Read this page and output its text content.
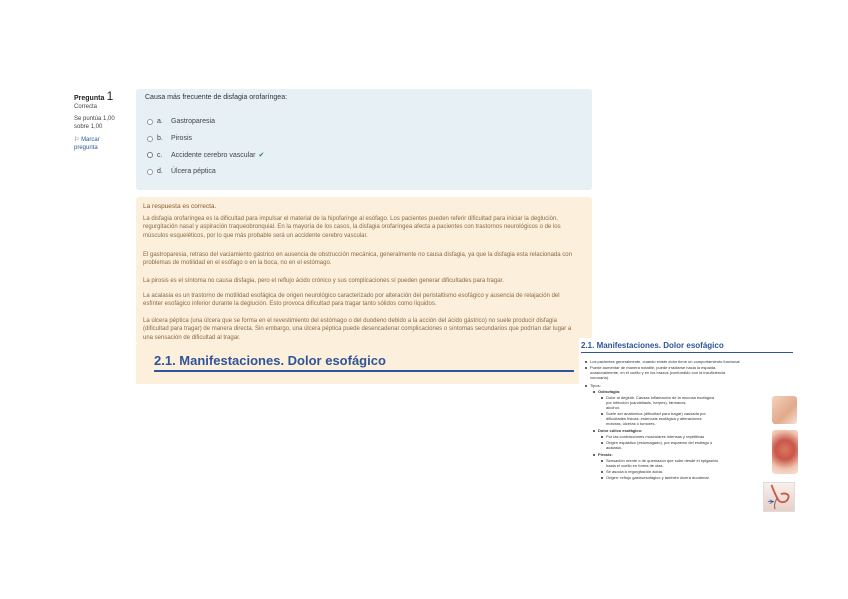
Pregunta 1
Correcta
Se puntúa 1,00
sobre 1,00
⚐ Marcar
pregunta
Causa más frecuente de disfagia orofaríngea:
a.	Gastroparesia
b.	Pirosis
c.	Accidente cerebro vascular ✔
d.	Úlcera péptica
La respuesta es correcta.

La disfagia orofaríngea es la dificultad para impulsar el material de la hipofaringe al esófago. Los pacientes pueden referir dificultad para iniciar la deglución, regurgitación nasal y aspiración traqueobronquial. En la mayoría de los casos, la disfagia orofaríngea afecta a pacientes con trastornos neurológicos o de los músculos esqueléticos, por lo que más probable será un accidente cerebro vascular.

El gastroparesia, retraso del vaciamiento gástrico en ausencia de obstrucción mecánica, generalmente no causa disfagia, ya que la disfagia esta relacionada con problemas de motilidad en el esófago o en la boca, no en el estómago.

La pirosis es el síntoma no causa disfagia, pero el reflujo ácido crónico y sus complicaciones sí pueden generar dificultades para tragar.

La acalasia es un trastorno de motilidad esofágica de origen neurológico caracterizado por alteración del peristaltismo esofágico y ausencia de relajación del esfínter esofágico inferior durante la deglución. Esto provoca dificultad para tragar tanto sólidos como líquidos.

La úlcera péptica (una úlcera que se forma en el revestimiento del estómago o del duodeno debido a la acción del ácido gástrico) no suele producir disfagia (dificultad para tragar) de manera directa. Sin embargo, una úlcera péptica puede desencadenar complicaciones o síntomas secundarios que podrían dar lugar a una sensación de dificultad al tragar.

2.1. Manifestaciones. Dolor esofágico
2.1. Manifestaciones. Dolor esofágico
Los pacientes generalmente, cuando existe dolor tiene un comportamiento funcional.
Puede aumentar de manera notable, puede irradiarse hacia la espalda,
ocasionalmente, en el cuello y en los brazos (confundido con la insuficiencia
coronaria).
Tipos:
Odinofagia:
Dolor al deglutir. Causas inflamación de la mucosa esofágica
por infección (candidiasis, herpes), fármacos,
alcohol.
Suele ser anatómica (dificultad para tragar) causada por
dificultades físicas: estenosis esofágica y alteraciones
motoras, úlceras o tumores.
Dolor cólico esofágico:
Por las contracciones musculares intensas y repetitivas
Origen espástico (estomagado), por espasmo del esófago o
acalasia.
Pirosis:
Sensación urente o de quemazón que sube desde el epigastrio
hasta el cuello en forma de olas.
Se asocia a regurgitación ácida.
Origen: reflujo gastroesofágico y también úlcera duodenal.
